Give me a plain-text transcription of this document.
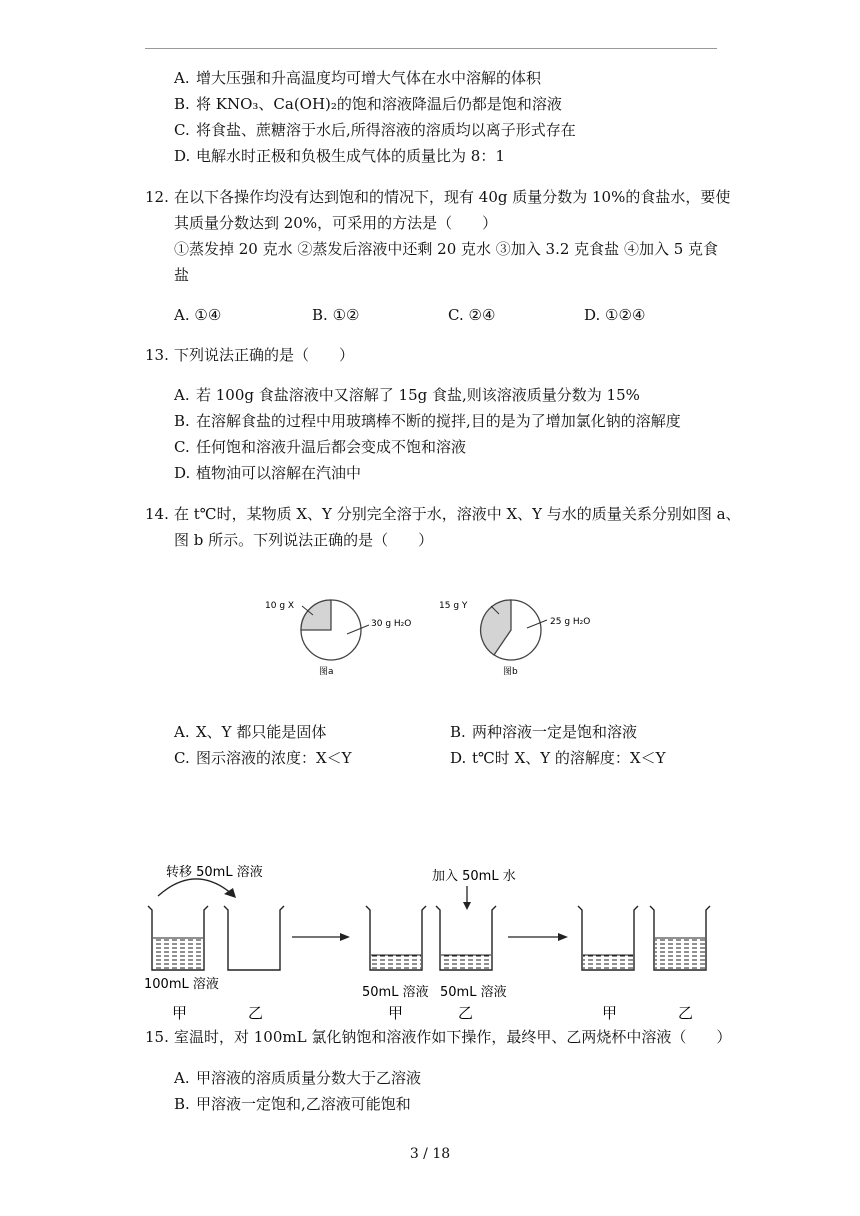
A. 增大压强和升高温度均可增大气体在水中溶解的体积
B. 将 KNO₃、Ca(OH)₂的饱和溶液降温后仍都是饱和溶液
C. 将食盐、蔗糖溶于水后,所得溶液的溶质均以离子形式存在
D. 电解水时正极和负极生成气体的质量比为 8：1
12. 在以下各操作均没有达到饱和的情况下，现有 40g 质量分数为 10%的食盐水，要使
其质量分数达到 20%，可采用的方法是（　　）
①蒸发掉 20 克水 ②蒸发后溶液中还剩 20 克水 ③加入 3.2 克食盐 ④加入 5 克食
盐
A. ①④	B. ①②	C. ②④	D. ①②④
13. 下列说法正确的是（　　）
A. 若 100g 食盐溶液中又溶解了 15g 食盐,则该溶液质量分数为 15%
B. 在溶解食盐的过程中用玻璃棒不断的搅拌,目的是为了增加氯化钠的溶解度
C. 任何饱和溶液升温后都会变成不饱和溶液
D. 植物油可以溶解在汽油中
14. 在 t℃时，某物质 X、Y 分别完全溶于水，溶液中 X、Y 与水的质量关系分别如图 a、
图 b 所示。下列说法正确的是（　　）
10 g X
30 g H₂O
图a
15 g Y
25 g H₂O
图b
A. X、Y 都只能是固体	B. 两种溶液一定是饱和溶液
C. 图示溶液的浓度：X＜Y	D. t℃时 X、Y 的溶解度：X＜Y
转移 50mL 溶液	加入 50mL 水
100mL 溶液
50mL 溶液 50mL 溶液
甲	乙	甲	乙	甲	乙
15. 室温时，对 100mL 氯化钠饱和溶液作如下操作，最终甲、乙两烧杯中溶液（　　）
A. 甲溶液的溶质质量分数大于乙溶液
B. 甲溶液一定饱和,乙溶液可能饱和
3 / 18
